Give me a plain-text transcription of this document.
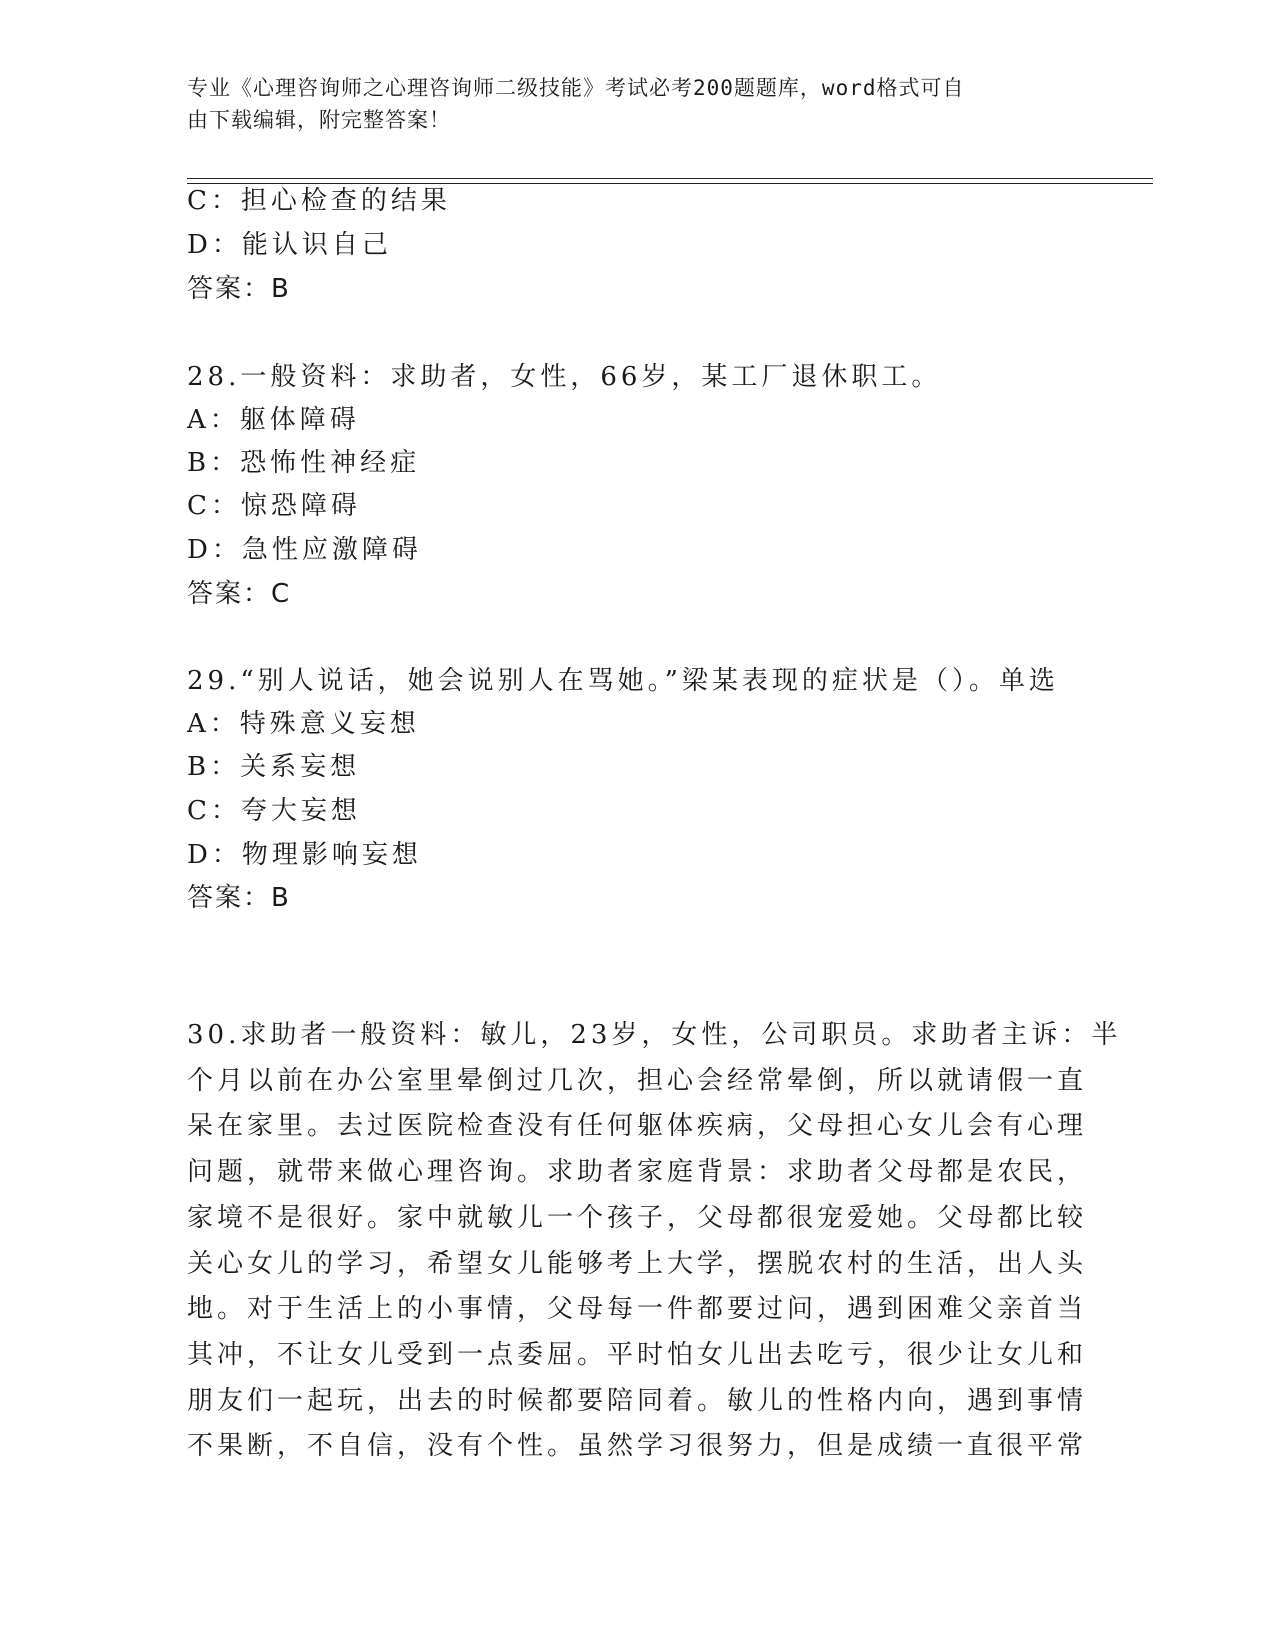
专业《心理咨询师之心理咨询师二级技能》考试必考200题题库，word格式可自
由下载编辑，附完整答案！
C：担心检查的结果
D：能认识自己
答案：B
28.一般资料：求助者，女性，66岁，某工厂退休职工。
A：躯体障碍
B：恐怖性神经症
C：惊恐障碍
D：急性应激障碍
答案：C
29.“别人说话，她会说别人在骂她。”梁某表现的症状是（）。单选
A：特殊意义妄想
B：关系妄想
C：夸大妄想
D：物理影响妄想
答案：B
30.求助者一般资料：敏儿，23岁，女性，公司职员。求助者主诉：半
个月以前在办公室里晕倒过几次，担心会经常晕倒，所以就请假一直
呆在家里。去过医院检查没有任何躯体疾病，父母担心女儿会有心理
问题，就带来做心理咨询。求助者家庭背景：求助者父母都是农民，
家境不是很好。家中就敏儿一个孩子，父母都很宠爱她。父母都比较
关心女儿的学习，希望女儿能够考上大学，摆脱农村的生活，出人头
地。对于生活上的小事情，父母每一件都要过问，遇到困难父亲首当
其冲，不让女儿受到一点委屈。平时怕女儿出去吃亏，很少让女儿和
朋友们一起玩，出去的时候都要陪同着。敏儿的性格内向，遇到事情
不果断，不自信，没有个性。虽然学习很努力，但是成绩一直很平常
